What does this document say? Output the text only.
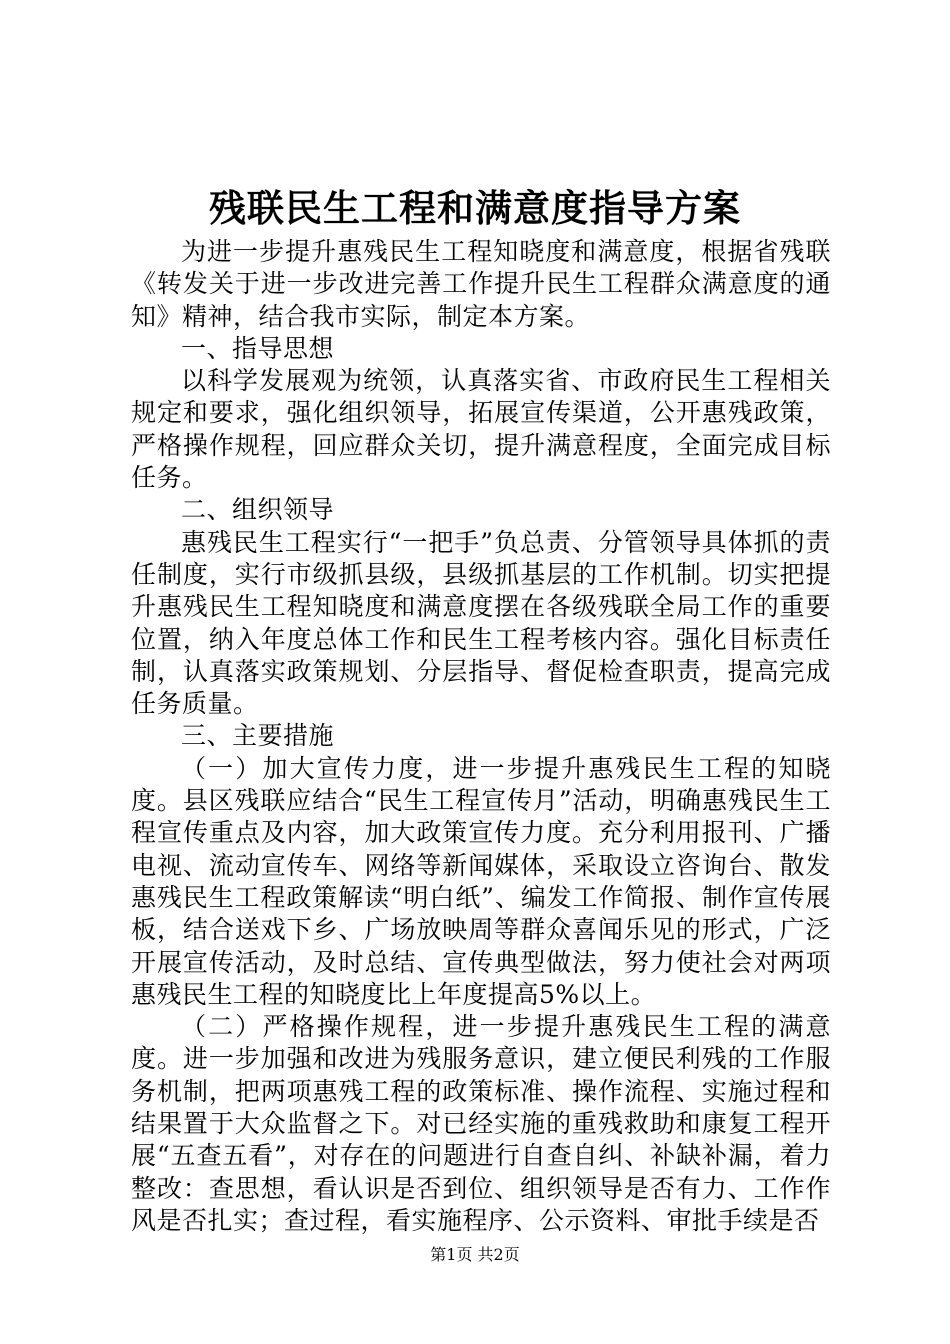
残联民生工程和满意度指导方案

为进一步提升惠残民生工程知晓度和满意度，根据省残联《转发关于进一步改进完善工作提升民生工程群众满意度的通知》精神，结合我市实际，制定本方案。

一、指导思想

以科学发展观为统领，认真落实省、市政府民生工程相关规定和要求，强化组织领导，拓展宣传渠道，公开惠残政策，严格操作规程，回应群众关切，提升满意程度，全面完成目标任务。

二、组织领导

惠残民生工程实行“一把手”负总责、分管领导具体抓的责任制度，实行市级抓县级，县级抓基层的工作机制。切实把提升惠残民生工程知晓度和满意度摆在各级残联全局工作的重要位置，纳入年度总体工作和民生工程考核内容。强化目标责任制，认真落实政策规划、分层指导、督促检查职责，提高完成任务质量。

三、主要措施

（一）加大宣传力度，进一步提升惠残民生工程的知晓度。县区残联应结合“民生工程宣传月”活动，明确惠残民生工程宣传重点及内容，加大政策宣传力度。充分利用报刊、广播电视、流动宣传车、网络等新闻媒体，采取设立咨询台、散发惠残民生工程政策解读“明白纸”、编发工作简报、制作宣传展板，结合送戏下乡、广场放映周等群众喜闻乐见的形式，广泛开展宣传活动，及时总结、宣传典型做法，努力使社会对两项惠残民生工程的知晓度比上年度提高5%以上。

（二）严格操作规程，进一步提升惠残民生工程的满意度。进一步加强和改进为残服务意识，建立便民利残的工作服务机制，把两项惠残工程的政策标准、操作流程、实施过程和结果置于大众监督之下。对已经实施的重残救助和康复工程开展“五查五看”，对存在的问题进行自查自纠、补缺补漏，着力整改：查思想，看认识是否到位、组织领导是否有力、工作作风是否扎实；查过程，看实施程序、公示资料、审批手续是否

第1页 共2页
